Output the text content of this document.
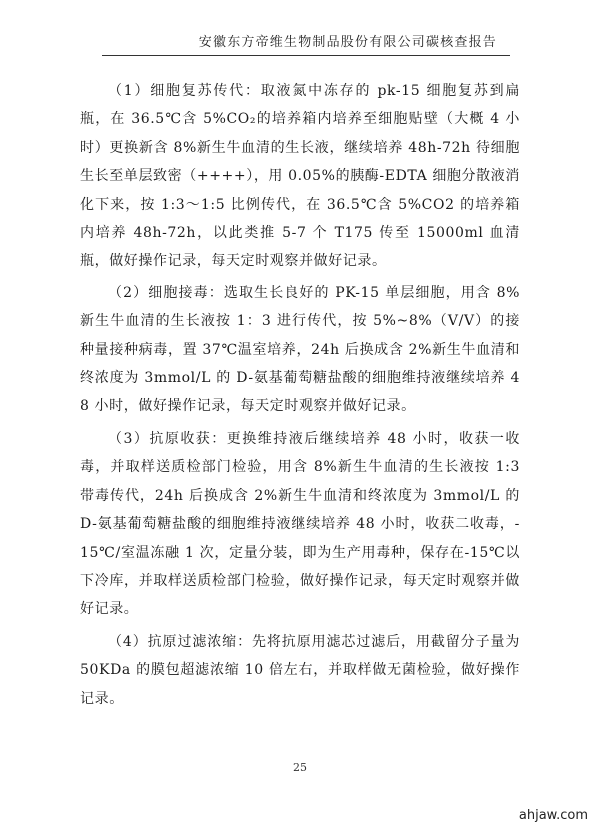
安徽东方帝维生物制品股份有限公司碳核查报告

（1）细胞复苏传代：取液氮中冻存的 pk-15 细胞复苏到扁瓶，在 36.5℃含 5%CO₂的培养箱内培养至细胞贴壁（大概 4 小时）更换新含 8%新生牛血清的生长液，继续培养 48h-72h 待细胞生长至单层致密（++++），用 0.05%的胰酶-EDTA 细胞分散液消化下来，按 1:3～1:5 比例传代，在 36.5℃含 5%CO2 的培养箱内培养 48h-72h，以此类推 5-7 个 T175 传至 15000ml 血清瓶，做好操作记录，每天定时观察并做好记录。

（2）细胞接毒：选取生长良好的 PK-15 单层细胞，用含 8%新生牛血清的生长液按 1：3 进行传代，按 5%~8%（V/V）的接种量接种病毒，置 37℃温室培养，24h 后换成含 2%新生牛血清和终浓度为 3mmol/L 的 D-氨基葡萄糖盐酸的细胞维持液继续培养 48 小时，做好操作记录，每天定时观察并做好记录。

（3）抗原收获：更换维持液后继续培养 48 小时，收获一收毒，并取样送质检部门检验，用含 8%新生牛血清的生长液按 1:3 带毒传代，24h 后换成含 2%新生牛血清和终浓度为 3mmol/L 的 D-氨基葡萄糖盐酸的细胞维持液继续培养 48 小时，收获二收毒，-15℃/室温冻融 1 次，定量分装，即为生产用毒种，保存在-15℃以下冷库，并取样送质检部门检验，做好操作记录，每天定时观察并做好记录。

（4）抗原过滤浓缩：先将抗原用滤芯过滤后，用截留分子量为 50KDa 的膜包超滤浓缩 10 倍左右，并取样做无菌检验，做好操作记录。

25
ahjaw.com
